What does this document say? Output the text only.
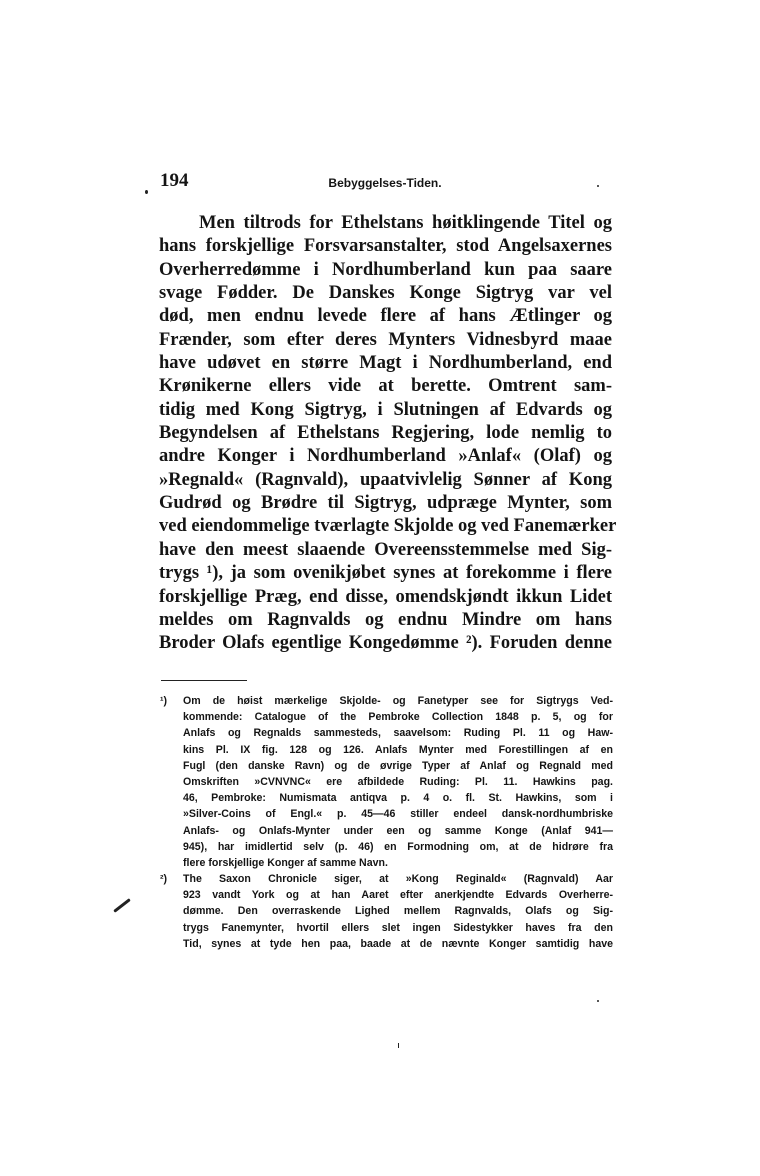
194	Bebyggelses-Tiden.
Men tiltrods for Ethelstans høitklingende Titel og
hans forskjellige Forsvarsanstalter, stod Angelsaxernes
Overherredømme i Nordhumberland kun paa saare
svage Fødder. De Danskes Konge Sigtryg var vel
død, men endnu levede flere af hans Ætlinger og
Frænder, som efter deres Mynters Vidnesbyrd maae
have udøvet en større Magt i Nordhumberland, end
Krønikerne ellers vide at berette. Omtrent sam-
tidig med Kong Sigtryg, i Slutningen af Edvards og
Begyndelsen af Ethelstans Regjering, lode nemlig to
andre Konger i Nordhumberland »Anlaf« (Olaf) og
»Regnald« (Ragnvald), upaatvivlelig Sønner af Kong
Gudrød og Brødre til Sigtryg, udpræge Mynter, som
ved eiendommelige tværlagte Skjolde og ved Fanemærker
have den meest slaaende Overeensstemmelse med Sig-
trygs ¹), ja som ovenikjøbet synes at forekomme i flere
forskjellige Præg, end disse, omendskjøndt ikkun Lidet
meldes om Ragnvalds og endnu Mindre om hans
Broder Olafs egentlige Kongedømme ²). Foruden denne
¹) Om de høist mærkelige Skjolde- og Fanetyper see for Sigtrygs Ved-
kommende: Catalogue of the Pembroke Collection 1848 p. 5, og for
Anlafs og Regnalds sammesteds, saavelsom: Ruding Pl. 11 og Haw-
kins Pl. IX fig. 128 og 126. Anlafs Mynter med Forestillingen af en
Fugl (den danske Ravn) og de øvrige Typer af Anlaf og Regnald med
Omskriften »CVNVNC« ere afbildede Ruding: Pl. 11. Hawkins pag.
46, Pembroke: Numismata antiqva p. 4 o. fl. St. Hawkins, som i
»Silver-Coins of Engl.« p. 45—46 stiller endeel dansk-nordhumbriske
Anlafs- og Onlafs-Mynter under een og samme Konge (Anlaf 941—
945), har imidlertid selv (p. 46) en Formodning om, at de hidrøre fra
flere forskjellige Konger af samme Navn.
²) The Saxon Chronicle siger, at »Kong Reginald« (Ragnvald) Aar
923 vandt York og at han Aaret efter anerkjendte Edvards Overherre-
dømme. Den overraskende Lighed mellem Ragnvalds, Olafs og Sig-
trygs Fanemynter, hvortil ellers slet ingen Sidestykker haves fra den
Tid, synes at tyde hen paa, baade at de nævnte Konger samtidig have
